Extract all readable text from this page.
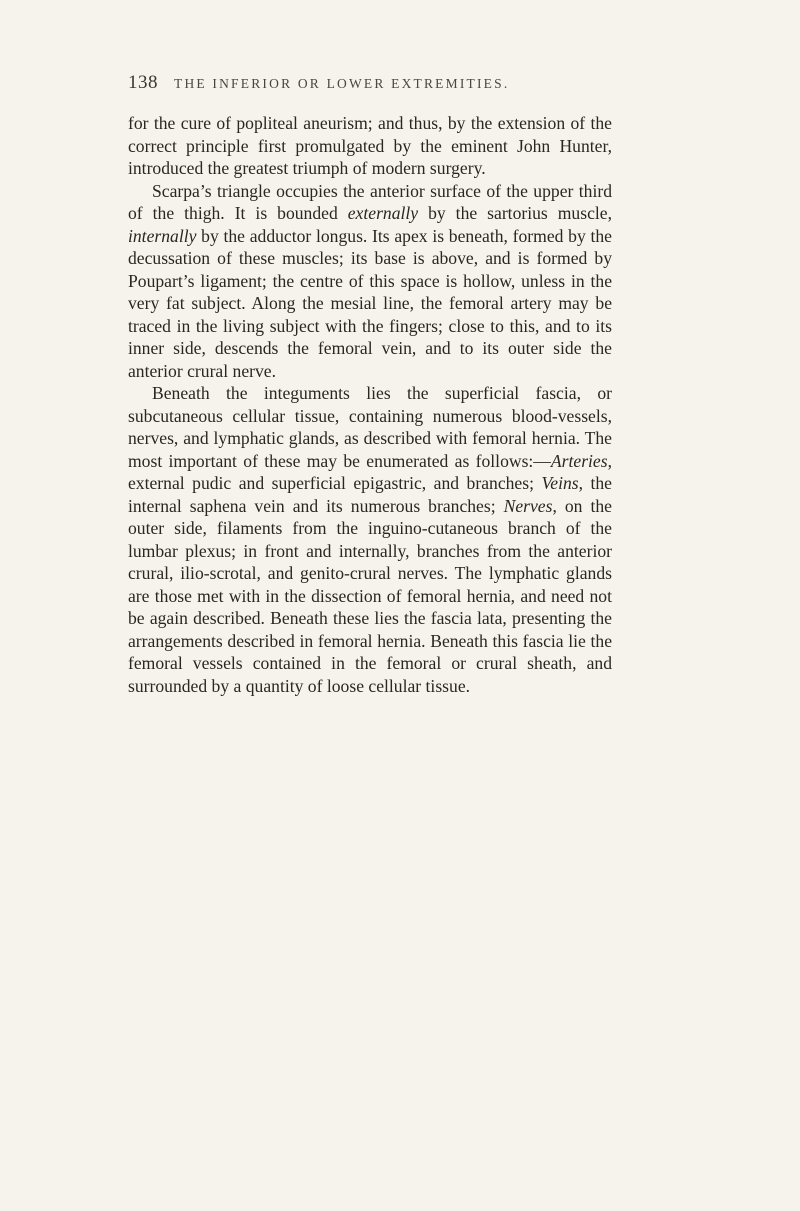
138 THE INFERIOR OR LOWER EXTREMITIES.

for the cure of popliteal aneurism; and thus, by the extension of the correct principle first promulgated by the eminent John Hunter, introduced the greatest triumph of modern surgery.

Scarpa’s triangle occupies the anterior surface of the upper third of the thigh. It is bounded externally by the sartorius muscle, internally by the adductor longus. Its apex is beneath, formed by the decussation of these muscles; its base is above, and is formed by Poupart’s ligament; the centre of this space is hollow, unless in the very fat subject. Along the mesial line, the femoral artery may be traced in the living subject with the fingers; close to this, and to its inner side, descends the femoral vein, and to its outer side the anterior crural nerve.

Beneath the integuments lies the superficial fascia, or subcutaneous cellular tissue, containing numerous blood-vessels, nerves, and lymphatic glands, as described with femoral hernia. The most important of these may be enumerated as follows:—Arteries, external pudic and superficial epigastric, and branches; Veins, the internal saphena vein and its numerous branches; Nerves, on the outer side, filaments from the inguino-cutaneous branch of the lumbar plexus; in front and internally, branches from the anterior crural, ilio-scrotal, and genito-crural nerves. The lymphatic glands are those met with in the dissection of femoral hernia, and need not be again described. Beneath these lies the fascia lata, presenting the arrangements described in femoral hernia. Beneath this fascia lie the femoral vessels contained in the femoral or crural sheath, and surrounded by a quantity of loose cellular tissue.
